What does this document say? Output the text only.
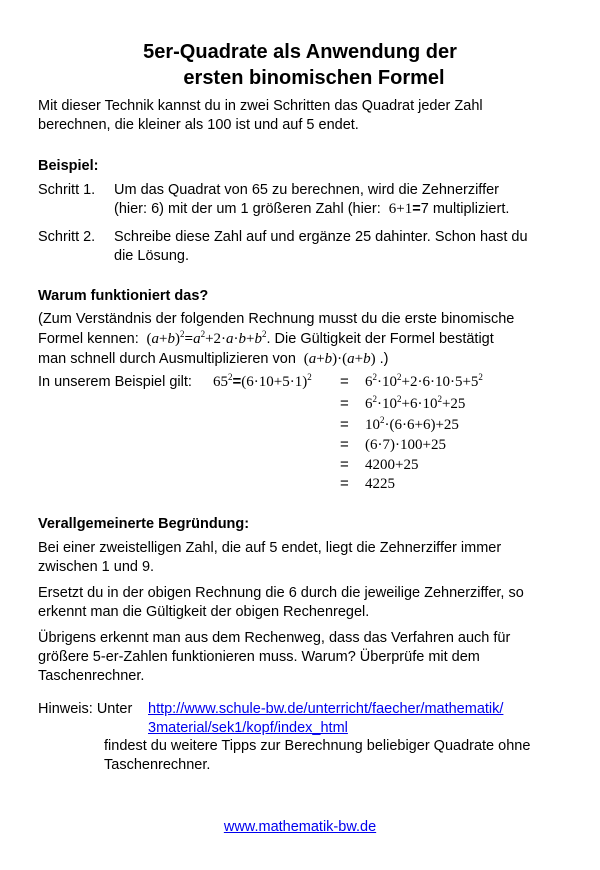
5er-Quadrate als Anwendung der
ersten binomischen Formel
Mit dieser Technik kannst du in zwei Schritten das Quadrat jeder Zahl
berechnen, die kleiner als 100 ist und auf 5 endet.
Beispiel:
Schritt 1. Um das Quadrat von 65 zu berechnen, wird die Zehnerziffer
(hier: 6) mit der um 1 größeren Zahl (hier: 6+1=7 multipliziert.
Schritt 2. Schreibe diese Zahl auf und ergänze 25 dahinter. Schon hast du
die Lösung.
Warum funktioniert das?
(Zum Verständnis der folgenden Rechnung musst du die erste binomische
Formel kennen:  $(a+b)^2=a^2+2\cdot a\cdot b+b^2$. Die Gültigkeit der Formel bestätigt
man schnell durch Ausmultiplizieren von  (a+b)·(a+b) .)
In unserem Beispiel gilt: $65^2=(6\cdot 10+5\cdot 1)^2 = 6^2\cdot 10^2+2\cdot 6\cdot 10\cdot 5+5^2$
= $6^2\cdot 10^2+6\cdot 10^2+25$
= $10^2\cdot(6\cdot 6+6)+25$
= (6·7)·100+25
= 4200+25
= 4225
Verallgemeinerte Begründung:
Bei einer zweistelligen Zahl, die auf 5 endet, liegt die Zehnerziffer immer
zwischen 1 und 9.
Ersetzt du in der obigen Rechnung die 6 durch die jeweilige Zehnerziffer, so
erkennt man die Gültigkeit der obigen Rechenregel.
Übrigens erkennt man aus dem Rechenweg, dass das Verfahren auch für
größere 5-er-Zahlen funktionieren muss. Warum? Überprüfe mit dem
Taschenrechner.
Hinweis: Unter http://www.schule-bw.de/unterricht/faecher/mathematik/
3material/sek1/kopf/index_html
findest du weitere Tipps zur Berechnung beliebiger Quadrate ohne
Taschenrechner.
www.mathematik-bw.de
